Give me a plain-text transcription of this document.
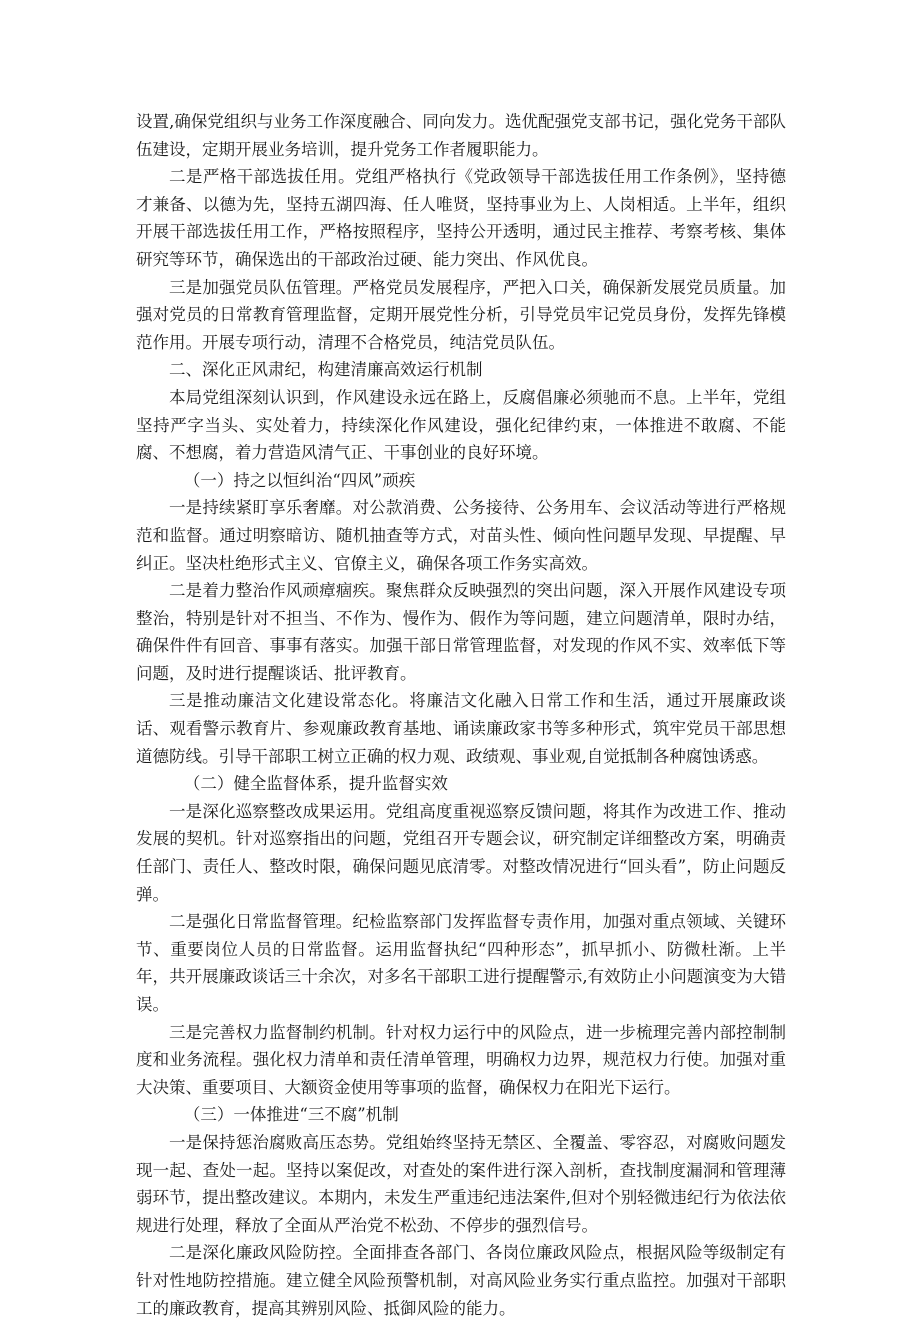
设置,确保党组织与业务工作深度融合、同向发力。选优配强党支部书记，强化党务干部队伍建设，定期开展业务培训，提升党务工作者履职能力。

二是严格干部选拔任用。党组严格执行《党政领导干部选拔任用工作条例》，坚持德才兼备、以德为先，坚持五湖四海、任人唯贤，坚持事业为上、人岗相适。上半年，组织开展干部选拔任用工作，严格按照程序，坚持公开透明，通过民主推荐、考察考核、集体研究等环节，确保选出的干部政治过硬、能力突出、作风优良。

三是加强党员队伍管理。严格党员发展程序，严把入口关，确保新发展党员质量。加强对党员的日常教育管理监督，定期开展党性分析，引导党员牢记党员身份，发挥先锋模范作用。开展专项行动，清理不合格党员，纯洁党员队伍。

二、深化正风肃纪，构建清廉高效运行机制

本局党组深刻认识到，作风建设永远在路上，反腐倡廉必须驰而不息。上半年，党组坚持严字当头、实处着力，持续深化作风建设，强化纪律约束，一体推进不敢腐、不能腐、不想腐，着力营造风清气正、干事创业的良好环境。

（一）持之以恒纠治“四风”顽疾

一是持续紧盯享乐奢靡。对公款消费、公务接待、公务用车、会议活动等进行严格规范和监督。通过明察暗访、随机抽查等方式，对苗头性、倾向性问题早发现、早提醒、早纠正。坚决杜绝形式主义、官僚主义，确保各项工作务实高效。

二是着力整治作风顽瘴痼疾。聚焦群众反映强烈的突出问题，深入开展作风建设专项整治，特别是针对不担当、不作为、慢作为、假作为等问题，建立问题清单，限时办结，确保件件有回音、事事有落实。加强干部日常管理监督，对发现的作风不实、效率低下等问题，及时进行提醒谈话、批评教育。

三是推动廉洁文化建设常态化。将廉洁文化融入日常工作和生活，通过开展廉政谈话、观看警示教育片、参观廉政教育基地、诵读廉政家书等多种形式，筑牢党员干部思想道德防线。引导干部职工树立正确的权力观、政绩观、事业观,自觉抵制各种腐蚀诱惑。

（二）健全监督体系，提升监督实效

一是深化巡察整改成果运用。党组高度重视巡察反馈问题，将其作为改进工作、推动发展的契机。针对巡察指出的问题，党组召开专题会议，研究制定详细整改方案，明确责任部门、责任人、整改时限，确保问题见底清零。对整改情况进行“回头看”，防止问题反弹。

二是强化日常监督管理。纪检监察部门发挥监督专责作用，加强对重点领域、关键环节、重要岗位人员的日常监督。运用监督执纪“四种形态”，抓早抓小、防微杜渐。上半年，共开展廉政谈话三十余次，对多名干部职工进行提醒警示,有效防止小问题演变为大错误。

三是完善权力监督制约机制。针对权力运行中的风险点，进一步梳理完善内部控制制度和业务流程。强化权力清单和责任清单管理，明确权力边界，规范权力行使。加强对重大决策、重要项目、大额资金使用等事项的监督，确保权力在阳光下运行。

（三）一体推进“三不腐”机制

一是保持惩治腐败高压态势。党组始终坚持无禁区、全覆盖、零容忍，对腐败问题发现一起、查处一起。坚持以案促改，对查处的案件进行深入剖析，查找制度漏洞和管理薄弱环节，提出整改建议。本期内，未发生严重违纪违法案件,但对个别轻微违纪行为依法依规进行处理，释放了全面从严治党不松劲、不停步的强烈信号。

二是深化廉政风险防控。全面排查各部门、各岗位廉政风险点，根据风险等级制定有针对性地防控措施。建立健全风险预警机制，对高风险业务实行重点监控。加强对干部职工的廉政教育，提高其辨别风险、抵御风险的能力。
